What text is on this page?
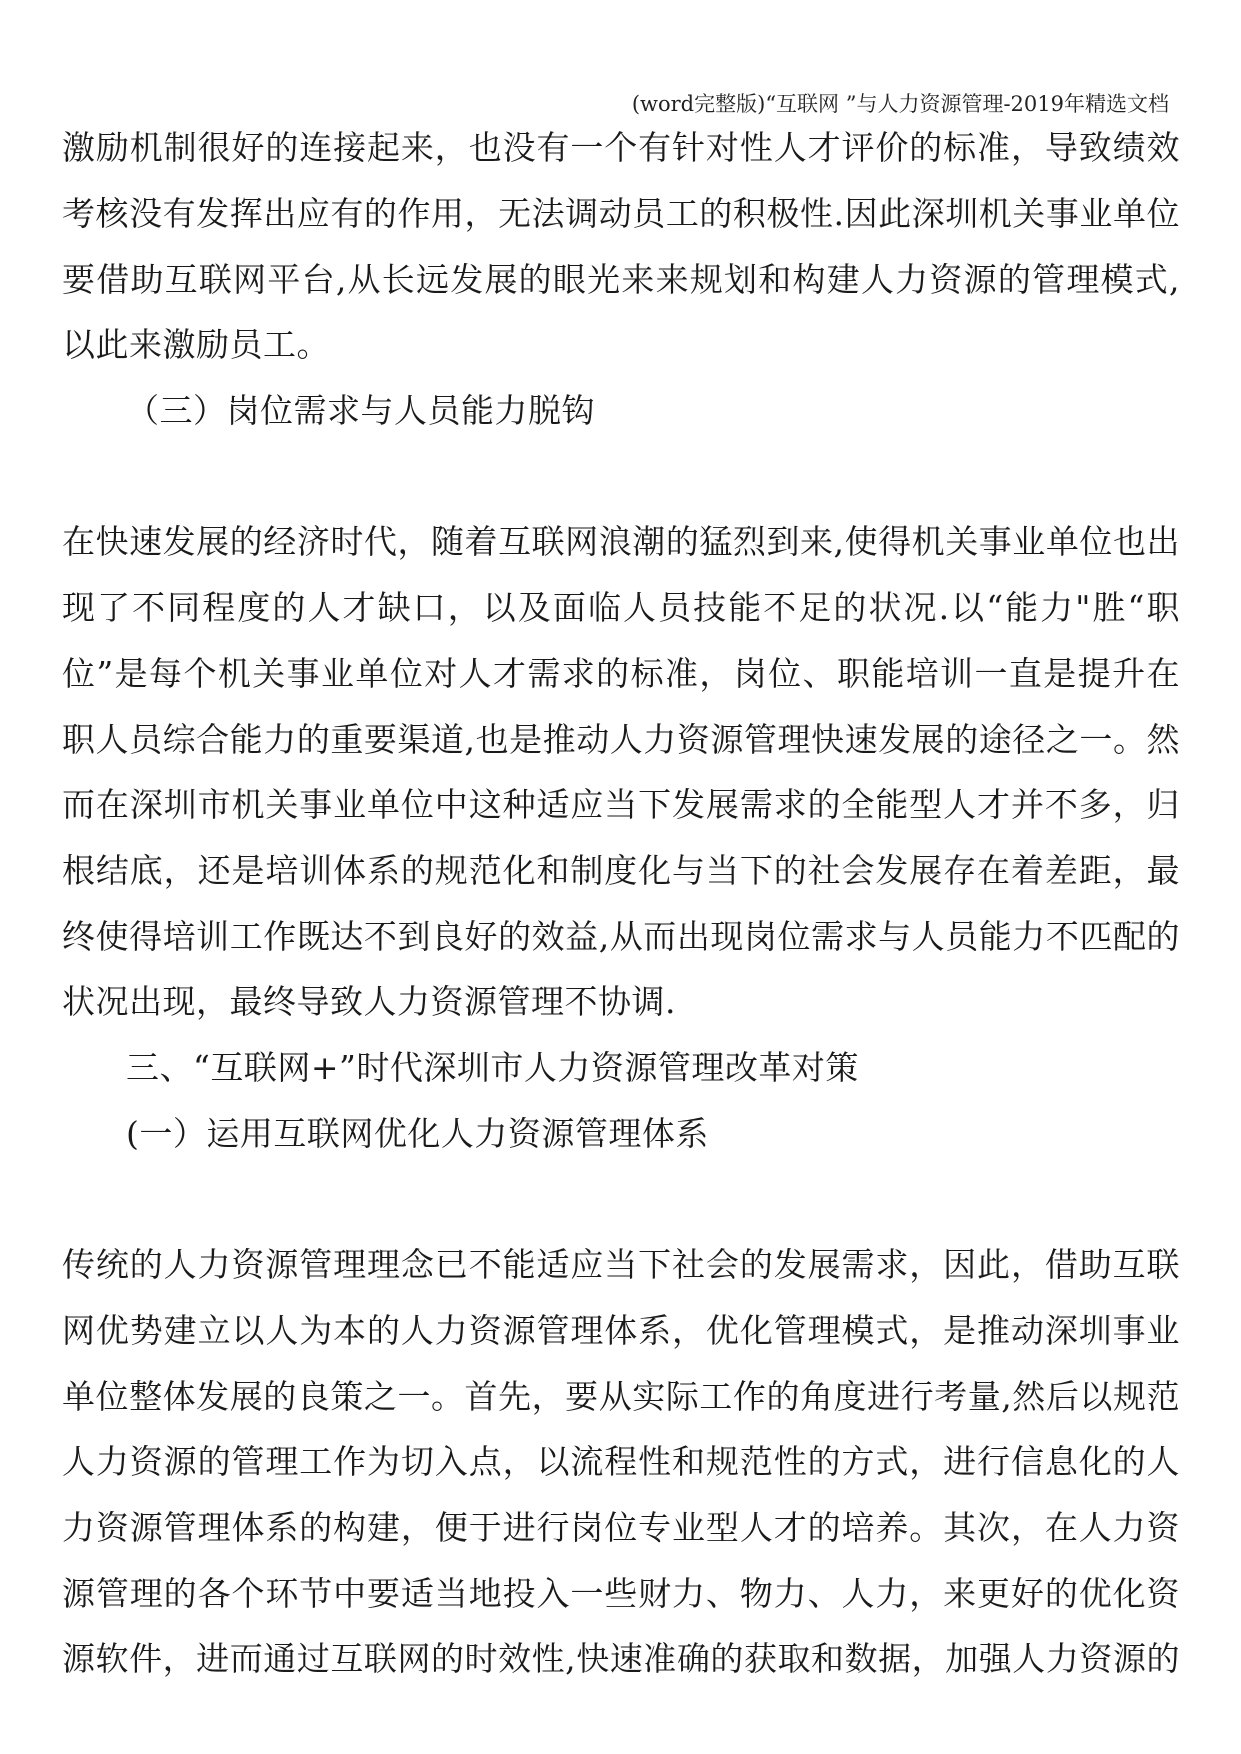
(word完整版)“互联网 ”与人力资源管理-2019年精选文档
激励机制很好的连接起来，也没有一个有针对性人才评价的标准，导致绩效
考核没有发挥出应有的作用，无法调动员工的积极性.因此深圳机关事业单位
要借助互联网平台,从长远发展的眼光来来规划和构建人力资源的管理模式,
以此来激励员工。
（三）岗位需求与人员能力脱钩
在快速发展的经济时代，随着互联网浪潮的猛烈到来,使得机关事业单位也出
现了不同程度的人才缺口，以及面临人员技能不足的状况.以“能力"胜“职
位”是每个机关事业单位对人才需求的标准，岗位、职能培训一直是提升在
职人员综合能力的重要渠道,也是推动人力资源管理快速发展的途径之一。然
而在深圳市机关事业单位中这种适应当下发展需求的全能型人才并不多，归
根结底，还是培训体系的规范化和制度化与当下的社会发展存在着差距，最
终使得培训工作既达不到良好的效益,从而出现岗位需求与人员能力不匹配的
状况出现，最终导致人力资源管理不协调.
三、“互联网+”时代深圳市人力资源管理改革对策
(一）运用互联网优化人力资源管理体系
传统的人力资源管理理念已不能适应当下社会的发展需求，因此，借助互联
网优势建立以人为本的人力资源管理体系，优化管理模式，是推动深圳事业
单位整体发展的良策之一。首先，要从实际工作的角度进行考量,然后以规范
人力资源的管理工作为切入点，以流程性和规范性的方式，进行信息化的人
力资源管理体系的构建，便于进行岗位专业型人才的培养。其次，在人力资
源管理的各个环节中要适当地投入一些财力、物力、人力，来更好的优化资
源软件，进而通过互联网的时效性,快速准确的获取和数据，加强人力资源的
